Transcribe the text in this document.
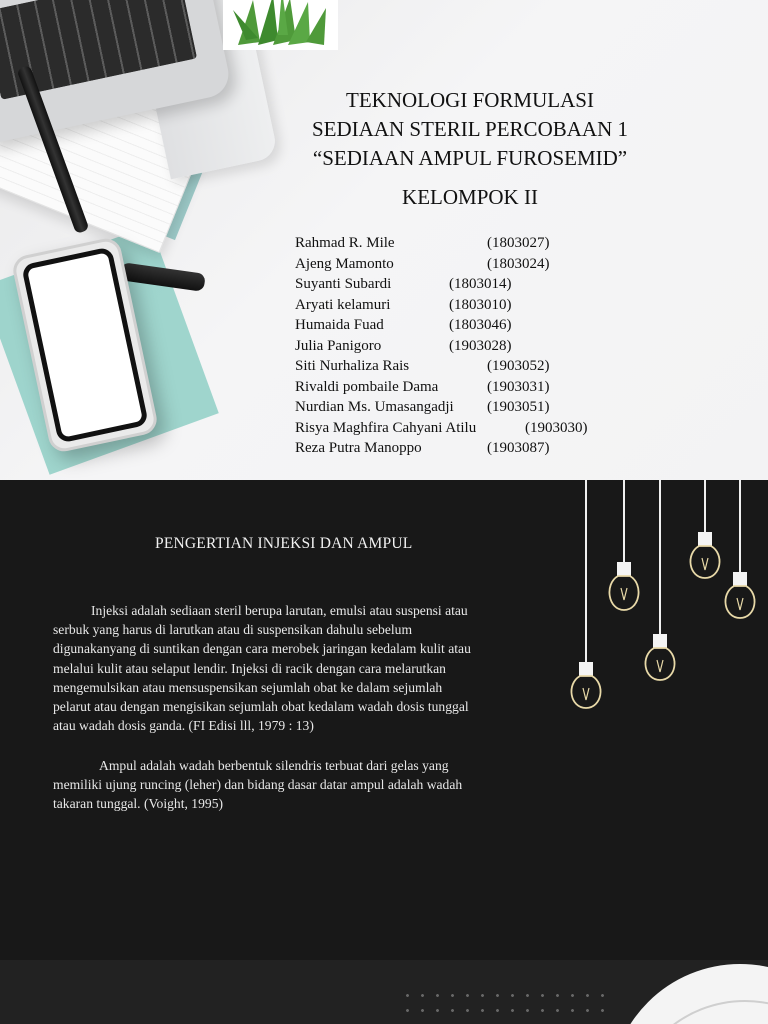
TEKNOLOGI FORMULASI
SEDIAAN STERIL PERCOBAAN 1
“SEDIAAN AMPUL FUROSEMID”
KELOMPOK II
Rahmad R. Mile	(1803027)
Ajeng Mamonto	(1803024)
Suyanti Subardi	(1803014)
Aryati kelamuri	(1803010)
Humaida Fuad	(1803046)
Julia Panigoro	(1903028)
Siti Nurhaliza Rais	(1903052)
Rivaldi pombaile Dama	(1903031)
Nurdian Ms. Umasangadji (1903051)
Risya Maghfira Cahyani Atilu	(1903030)
Reza Putra Manoppo	(1903087)
PENGERTIAN INJEKSI DAN AMPUL
Injeksi adalah sediaan steril berupa larutan, emulsi atau suspensi atau
serbuk yang harus di larutkan atau di suspensikan dahulu sebelum
digunakanyang di suntikan dengan cara merobek jaringan kedalam kulit atau
melalui kulit atau selaput lendir. Injeksi di racik dengan cara melarutkan
mengemulsikan atau mensuspensikan sejumlah obat ke dalam sejumlah
pelarut atau dengan mengisikan sejumlah obat kedalam wadah dosis tunggal
atau wadah dosis ganda. (FI Edisi lll, 1979 : 13)
Ampul adalah wadah berbentuk silendris terbuat dari gelas yang
memiliki ujung runcing (leher) dan bidang dasar datar ampul adalah wadah
takaran tunggal. (Voight, 1995)
